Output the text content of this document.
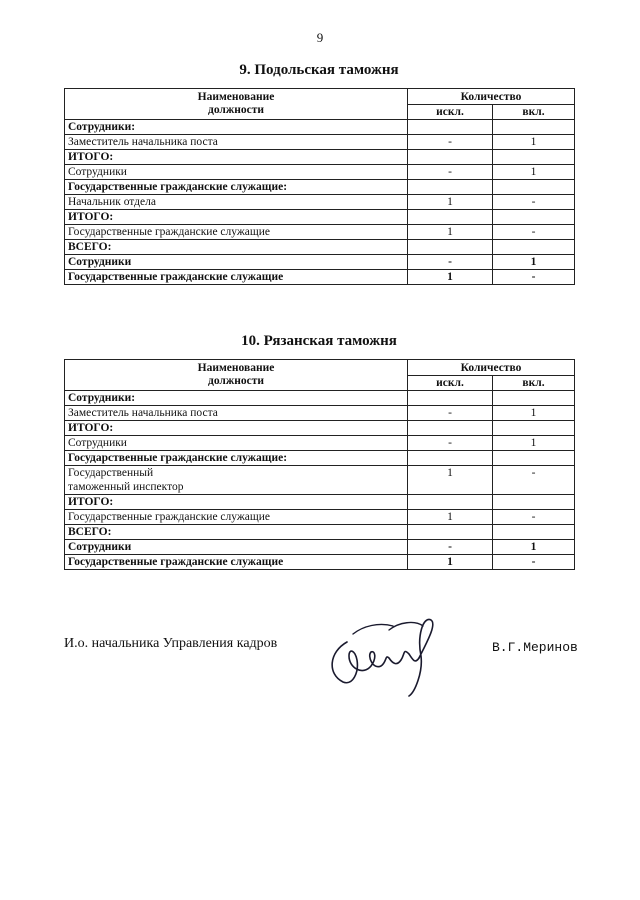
9
9. Подольская таможня
Наименование
должности	Количество	
	искл.	вкл.
Сотрудники:		
Заместитель начальника поста	-	1
ИТОГО:		
Сотрудники	-	1
Государственные гражданские служащие:		
Начальник отдела	1	-
ИТОГО:		
Государственные гражданские служащие	1	-
ВСЕГО:		
Сотрудники	-	1
Государственные гражданские служащие	1	-
10. Рязанская таможня
Наименование
должности	Количество	
	искл.	вкл.
Сотрудники:		
Заместитель начальника поста	-	1
ИТОГО:		
Сотрудники	-	1
Государственные гражданские служащие:		
Государственный
таможенный инспектор	1	-
ИТОГО:		
Государственные гражданские служащие	1	-
ВСЕГО:		
Сотрудники	-	1
Государственные гражданские служащие	1	-
И.о. начальника Управления кадров	В.Г.Меринов
